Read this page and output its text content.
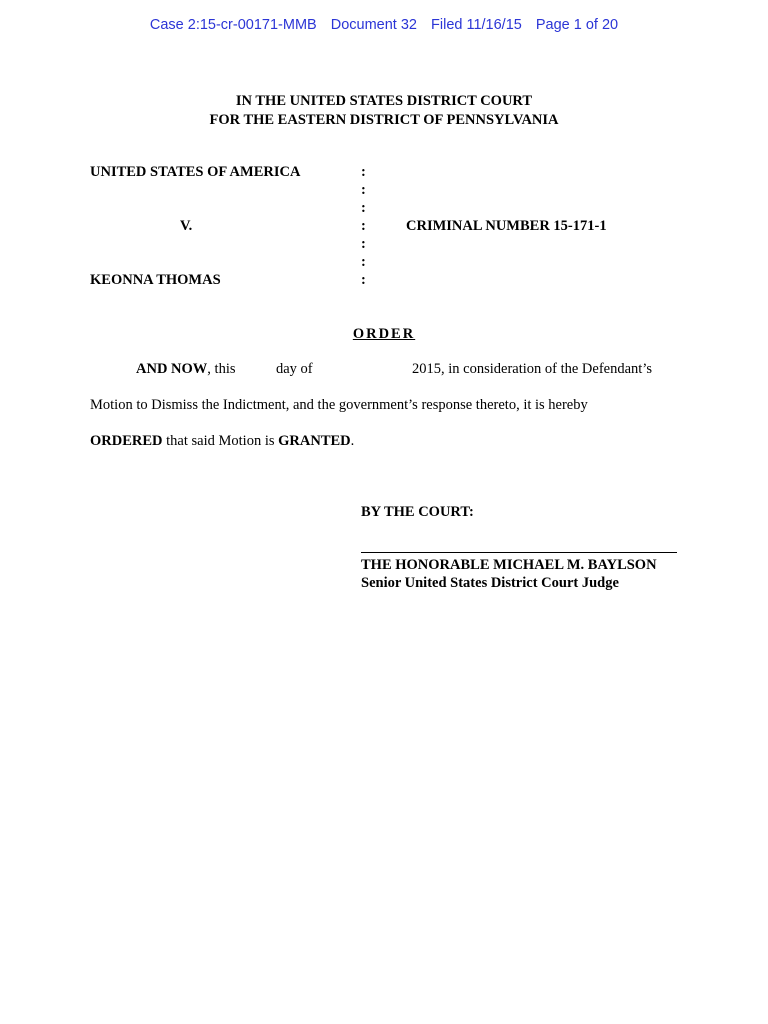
Case 2:15-cr-00171-MMB Document 32 Filed 11/16/15 Page 1 of 20
IN THE UNITED STATES DISTRICT COURT
FOR THE EASTERN DISTRICT OF PENNSYLVANIA
UNITED STATES OF AMERICA
V.
KEONNA THOMAS
CRIMINAL NUMBER 15-171-1
:
:
:
:
:
:
:
ORDER
AND NOW, this	day of	2015, in consideration of the Defendant’s
Motion to Dismiss the Indictment, and the government’s response thereto, it is hereby
ORDERED that said Motion is GRANTED.
BY THE COURT:
THE HONORABLE MICHAEL M. BAYLSON
Senior United States District Court Judge
